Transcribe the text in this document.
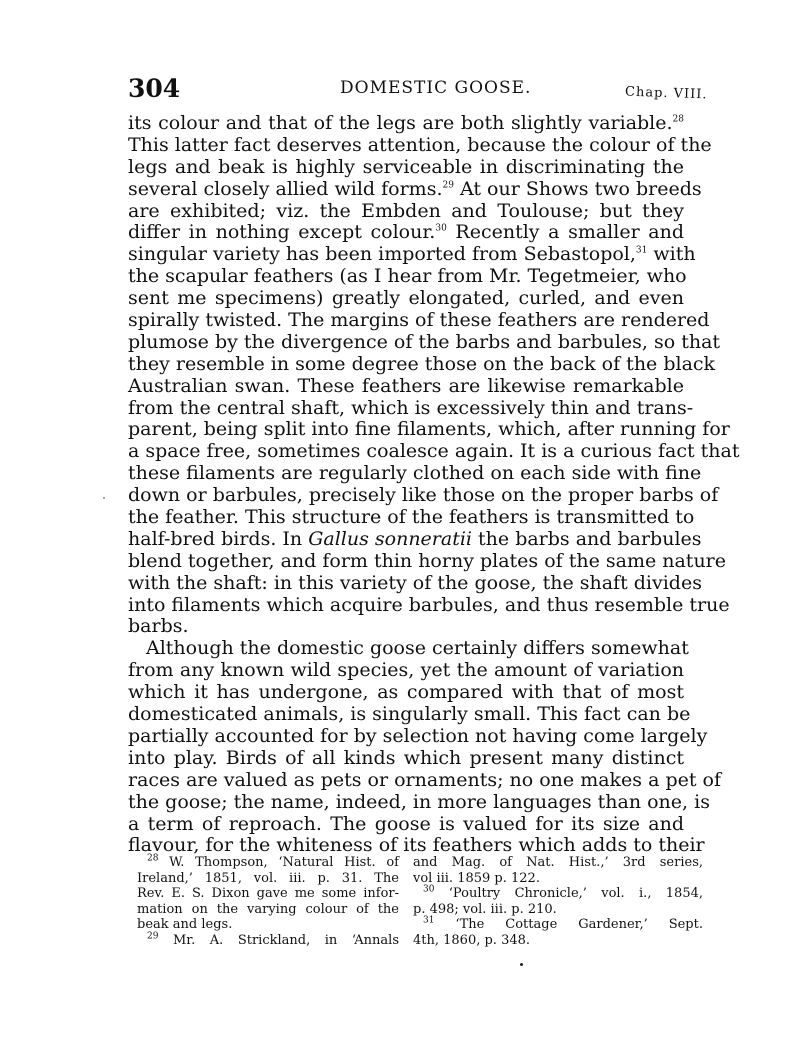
304	DOMESTIC GOOSE.	Chap. VIII.
its colour and that of the legs are both slightly variable.$^{28}$
This latter fact deserves attention, because the colour of the
legs and beak is highly serviceable in discriminating the
several closely allied wild forms.$^{29}$ At our Shows two breeds
are exhibited; viz. the Embden and Toulouse; but they
differ in nothing except colour.$^{30}$ Recently a smaller and
singular variety has been imported from Sebastopol,$^{31}$ with
the scapular feathers (as I hear from Mr. Tegetmeier, who
sent me specimens) greatly elongated, curled, and even
spirally twisted. The margins of these feathers are rendered
plumose by the divergence of the barbs and barbules, so that
they resemble in some degree those on the back of the black
Australian swan. These feathers are likewise remarkable
from the central shaft, which is excessively thin and trans-
parent, being split into fine filaments, which, after running for
a space free, sometimes coalesce again. It is a curious fact that
these filaments are regularly clothed on each side with fine
down or barbules, precisely like those on the proper barbs of
the feather. This structure of the feathers is transmitted to
half-bred birds. In Gallus sonneratii the barbs and barbules
blend together, and form thin horny plates of the same nature
with the shaft: in this variety of the goose, the shaft divides
into filaments which acquire barbules, and thus resemble true
barbs.
Although the domestic goose certainly differs somewhat
from any known wild species, yet the amount of variation
which it has undergone, as compared with that of most
domesticated animals, is singularly small. This fact can be
partially accounted for by selection not having come largely
into play. Birds of all kinds which present many distinct
races are valued as pets or ornaments; no one makes a pet of
the goose; the name, indeed, in more languages than one, is
a term of reproach. The goose is valued for its size and
flavour, for the whiteness of its feathers which adds to their
$^{28}$ W. Thompson, ‘Natural Hist. of
Ireland,’ 1851, vol. iii. p. 31. The
Rev. E. S. Dixon gave me some infor-
mation on the varying colour of the
beak and legs.
$^{29}$ Mr. A. Strickland, in ‘Annals
and Mag. of Nat. Hist.,’ 3rd series,
vol iii. 1859 p. 122.
$^{30}$ ‘Poultry Chronicle,’ vol. i., 1854,
p. 498; vol. iii. p. 210.
$^{31}$ ‘The Cottage Gardener,’ Sept.
4th, 1860, p. 348.
